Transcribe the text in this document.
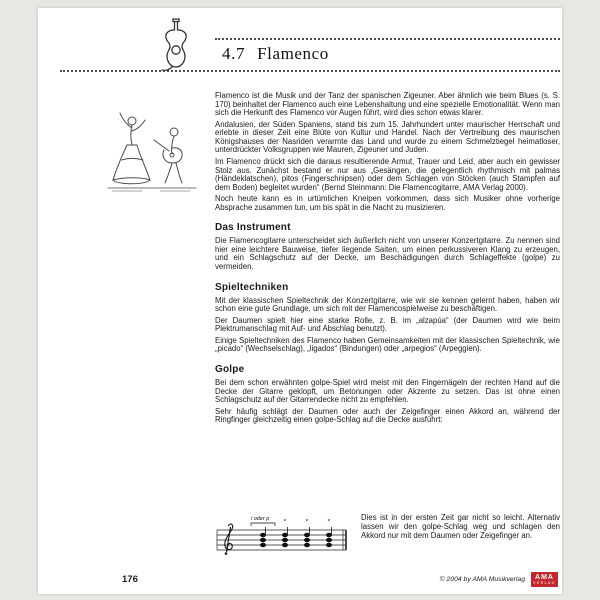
4.7 Flamenco

Flamenco ist die Musik und der Tanz der spanischen Zigeuner. Aber ähnlich wie beim Blues (s. S. 170) beinhaltet der Flamenco auch eine Lebenshaltung und eine spezielle Emotionalität. Wenn man sich die Herkunft des Flamenco vor Augen führt, wird dies schon etwas klarer.

Andalusien, der Süden Spaniens, stand bis zum 15. Jahrhundert unter maurischer Herrschaft und erlebte in dieser Zeit eine Blüte von Kultur und Handel. Nach der Vertreibung des maurischen Königshauses der Nasriden verarmte das Land und wurde zu einem Schmelztiegel heimatloser, unterdrückter Volksgruppen wie Mauren, Zigeuner und Juden.

Im Flamenco drückt sich die daraus resultierende Armut, Trauer und Leid, aber auch ein gewisser Stolz aus. Zunächst bestand er nur aus „Gesängen, die gelegentlich rhythmisch mit palmas (Händeklatschen), pitos (Fingerschnipsen) oder dem Schlagen von Stöcken (auch Stampfen auf dem Boden) begleitet wurden“ (Bernd Steinmann: Die Flamencogitarre, AMA Verlag 2000).

Noch heute kann es in urtümlichen Kneipen vorkommen, dass sich Musiker ohne vorherige Absprache zusammen tun, um bis spät in die Nacht zu musizieren.

Das Instrument

Die Flamencogitarre unterscheidet sich äußerlich nicht von unserer Konzertgitarre. Zu nennen sind hier eine leichtere Bauweise, tiefer liegende Saiten, um einen perkussiveren Klang zu erzeugen, und ein Schlagschutz auf der Decke, um Beschädigungen durch Schlageffekte (golpe) zu vermeiden.

Spieltechniken

Mit der klassischen Spieltechnik der Konzertgitarre, wie wir sie kennen gelernt haben, haben wir schon eine gute Grundlage, um sich mit der Flamencospielweise zu beschäftigen.

Der Daumen spielt hier eine starke Rolle, z. B. im „alzapúa“ (der Daumen wird wie beim Plektrumanschlag mit Auf- und Abschlag benutzt).

Einige Spieltechniken des Flamenco haben Gemeinsamkeiten mit der klassischen Spieltechnik, wie „picado“ (Wechselschlag), „ligados“ (Bindungen) oder „arpegios“ (Arpeggien).

Golpe

Bei dem schon erwähnten golpe-Spiel wird meist mit den Fingernägeln der rechten Hand auf die Decke der Gitarre geklopft, um Betonungen oder Akzente zu setzen. Das ist ohne einen Schlagschutz auf der Gitarrendecke nicht zu empfehlen.

Sehr häufig schlägt der Daumen oder auch der Zeigefinger einen Akkord an, während der Ringfinger gleichzeitig einen golpe-Schlag auf die Decke ausführt:

i oder p	×	×	×	Dies ist in der ersten Zeit gar nicht so leicht. Alternativ lassen wir den golpe-Schlag weg und schlagen den Akkord nur mit dem Daumen oder Zeigefinger an.
176	© 2004 by AMA Musikverlag AMA
VERLAG
